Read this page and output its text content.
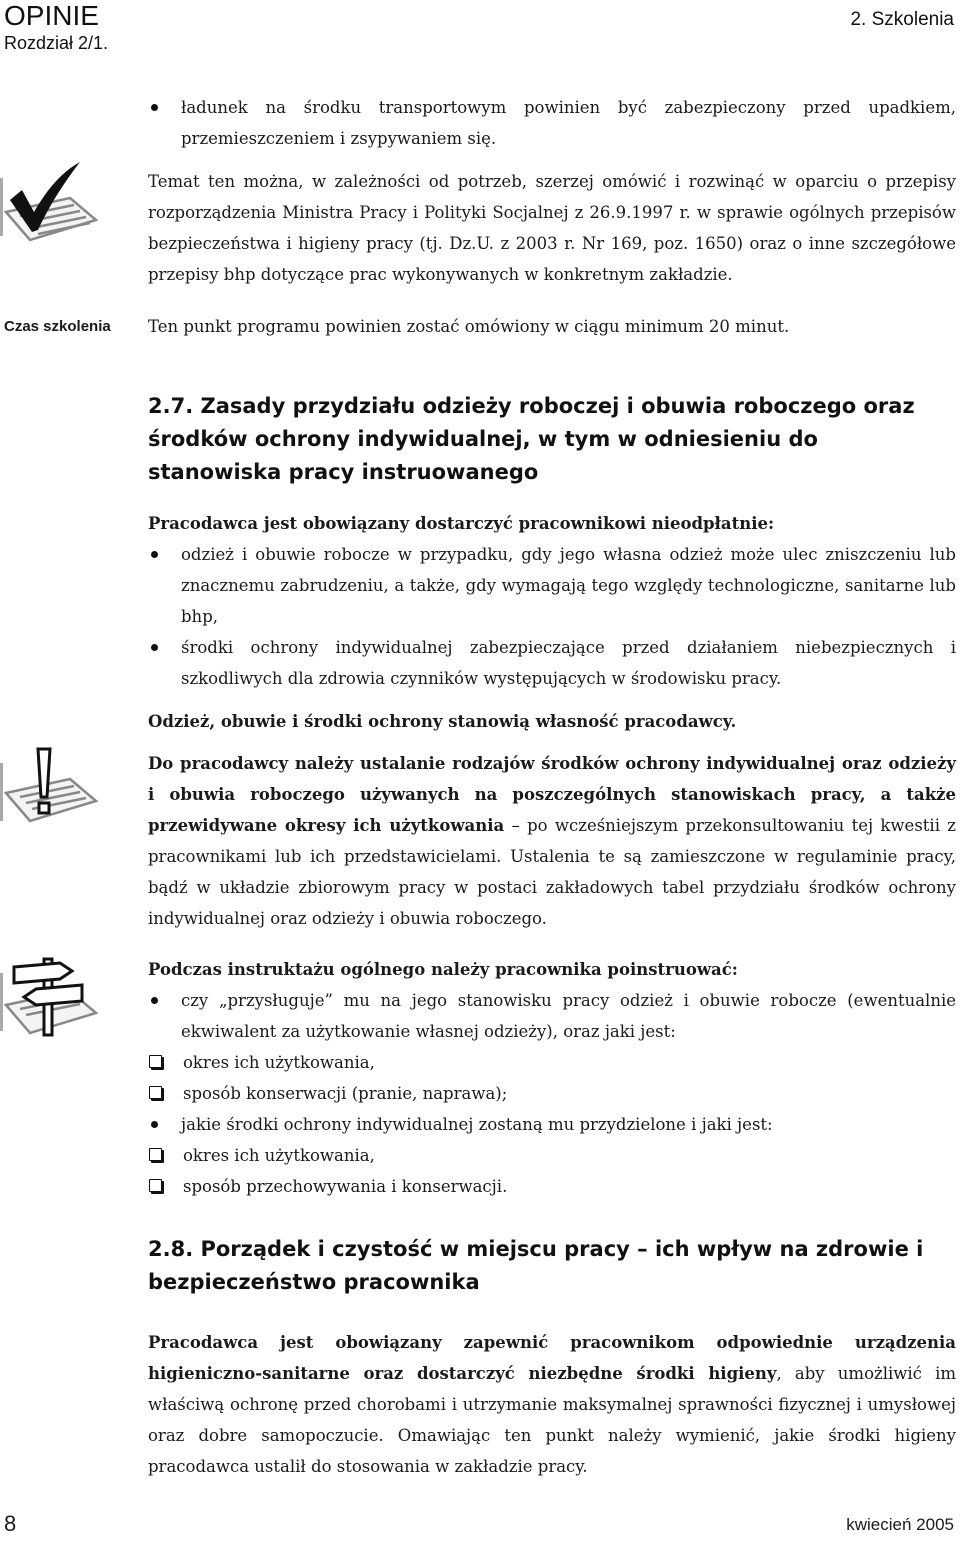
OPINIE
Rozdział 2/1.
2. Szkolenia
ładunek na środku transportowym powinien być zabezpieczony przed upadkiem, przemieszczeniem i zsypywaniem się.

Temat ten można, w zależności od potrzeb, szerzej omówić i rozwinąć w oparciu o przepisy rozporządzenia Ministra Pracy i Polityki Socjalnej z 26.9.1997 r. w sprawie ogólnych przepisów bezpieczeństwa i higieny pracy (tj. Dz.U. z 2003 r. Nr 169, poz. 1650) oraz o inne szczegółowe przepisy bhp dotyczące prac wykonywanych w konkretnym zakładzie.

Czas szkolenia Ten punkt programu powinien zostać omówiony w ciągu minimum 20 minut.

2.7. Zasady przydziału odzieży roboczej i obuwia roboczego oraz środków ochrony indywidualnej, w tym w odniesieniu do stanowiska pracy instruowanego

Pracodawca jest obowiązany dostarczyć pracownikowi nieodpłatnie:

odzież i obuwie robocze w przypadku, gdy jego własna odzież może ulec zniszczeniu lub znacznemu zabrudzeniu, a także, gdy wymagają tego względy technologiczne, sanitarne lub bhp,
środki ochrony indywidualnej zabezpieczające przed działaniem niebezpiecznych i szkodliwych dla zdrowia czynników występujących w środowisku pracy.

Odzież, obuwie i środki ochrony stanowią własność pracodawcy.

Do pracodawcy należy ustalanie rodzajów środków ochrony indywidualnej oraz odzieży i obuwia roboczego używanych na poszczególnych stanowiskach pracy, a także przewidywane okresy ich użytkowania – po wcześniejszym przekonsultowaniu tej kwestii z pracownikami lub ich przedstawicielami. Ustalenia te są zamieszczone w regulaminie pracy, bądź w układzie zbiorowym pracy w postaci zakładowych tabel przydziału środków ochrony indywidualnej oraz odzieży i obuwia roboczego.

Podczas instruktażu ogólnego należy pracownika poinstruować:

czy „przysługuje” mu na jego stanowisku pracy odzież i obuwie robocze (ewentualnie ekwiwalent za użytkowanie własnej odzieży), oraz jaki jest:
okres ich użytkowania,
sposób konserwacji (pranie, naprawa);
jakie środki ochrony indywidualnej zostaną mu przydzielone i jaki jest:
okres ich użytkowania,
sposób przechowywania i konserwacji.
2.8. Porządek i czystość w miejscu pracy – ich wpływ na zdrowie i bezpieczeństwo pracownika

Pracodawca jest obowiązany zapewnić pracownikom odpowiednie urządzenia higieniczno-sanitarne oraz dostarczyć niezbędne środki higieny, aby umożliwić im właściwą ochronę przed chorobami i utrzymanie maksymalnej sprawności fizycznej i umysłowej oraz dobre samopoczucie. Omawiając ten punkt należy wymienić, jakie środki higieny pracodawca ustalił do stosowania w zakładzie pracy.

8	kwiecień 2005
